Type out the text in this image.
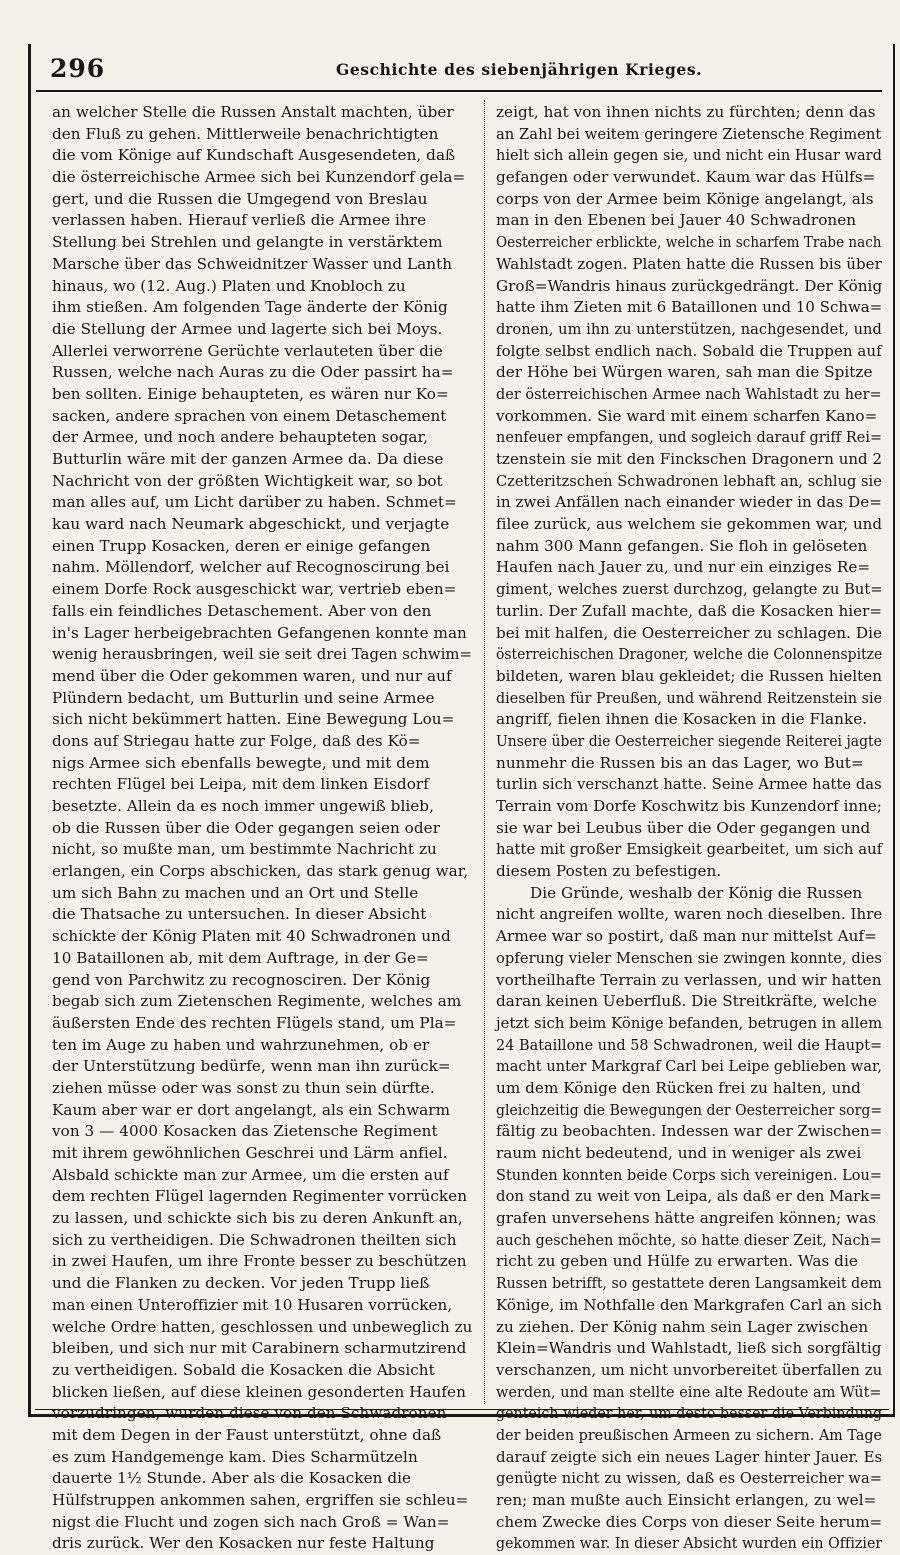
296	Geschichte des siebenjährigen Krieges.
an welcher Stelle die Russen Anstalt machten, über
den Fluß zu gehen. Mittlerweile benachrichtigten
die vom Könige auf Kundschaft Ausgesendeten, daß
die österreichische Armee sich bei Kunzendorf gela=
gert, und die Russen die Umgegend von Breslau
verlassen haben. Hierauf verließ die Armee ihre
Stellung bei Strehlen und gelangte in verstärktem
Marsche über das Schweidnitzer Wasser und Lanth
hinaus, wo (12. Aug.) Platen und Knobloch zu
ihm stießen. Am folgenden Tage änderte der König
die Stellung der Armee und lagerte sich bei Moys.
Allerlei verworrene Gerüchte verlauteten über die
Russen, welche nach Auras zu die Oder passirt ha=
ben sollten. Einige behaupteten, es wären nur Ko=
sacken, andere sprachen von einem Detaschement
der Armee, und noch andere behaupteten sogar,
Butturlin wäre mit der ganzen Armee da. Da diese
Nachricht von der größten Wichtigkeit war, so bot
man alles auf, um Licht darüber zu haben. Schmet=
kau ward nach Neumark abgeschickt, und verjagte
einen Trupp Kosacken, deren er einige gefangen
nahm. Möllendorf, welcher auf Recognoscirung bei
einem Dorfe Rock ausgeschickt war, vertrieb eben=
falls ein feindliches Detaschement. Aber von den
in's Lager herbeigebrachten Gefangenen konnte man
wenig herausbringen, weil sie seit drei Tagen schwim=
mend über die Oder gekommen waren, und nur auf
Plündern bedacht, um Butturlin und seine Armee
sich nicht bekümmert hatten. Eine Bewegung Lou=
dons auf Striegau hatte zur Folge, daß des Kö=
nigs Armee sich ebenfalls bewegte, und mit dem
rechten Flügel bei Leipa, mit dem linken Eisdorf
besetzte. Allein da es noch immer ungewiß blieb,
ob die Russen über die Oder gegangen seien oder
nicht, so mußte man, um bestimmte Nachricht zu
erlangen, ein Corps abschicken, das stark genug war,
um sich Bahn zu machen und an Ort und Stelle
die Thatsache zu untersuchen. In dieser Absicht
schickte der König Platen mit 40 Schwadronen und
10 Bataillonen ab, mit dem Auftrage, in der Ge=
gend von Parchwitz zu recognosciren. Der König
begab sich zum Zietenschen Regimente, welches am
äußersten Ende des rechten Flügels stand, um Pla=
ten im Auge zu haben und wahrzunehmen, ob er
der Unterstützung bedürfe, wenn man ihn zurück=
ziehen müsse oder was sonst zu thun sein dürfte.
Kaum aber war er dort angelangt, als ein Schwarm
von 3 — 4000 Kosacken das Zietensche Regiment
mit ihrem gewöhnlichen Geschrei und Lärm anfiel.
Alsbald schickte man zur Armee, um die ersten auf
dem rechten Flügel lagernden Regimenter vorrücken
zu lassen, und schickte sich bis zu deren Ankunft an,
sich zu vertheidigen. Die Schwadronen theilten sich
in zwei Haufen, um ihre Fronte besser zu beschützen
und die Flanken zu decken. Vor jeden Trupp ließ
man einen Unteroffizier mit 10 Husaren vorrücken,
welche Ordre hatten, geschlossen und unbeweglich zu
bleiben, und sich nur mit Carabinern scharmutzirend
zu vertheidigen. Sobald die Kosacken die Absicht
blicken ließen, auf diese kleinen gesonderten Haufen
vorzudringen, wurden diese von den Schwadronen
mit dem Degen in der Faust unterstützt, ohne daß
es zum Handgemenge kam. Dies Scharmützeln
dauerte 1½ Stunde. Aber als die Kosacken die
Hülfstruppen ankommen sahen, ergriffen sie schleu=
nigst die Flucht und zogen sich nach Groß = Wan=
dris zurück. Wer den Kosacken nur feste Haltung
zeigt, hat von ihnen nichts zu fürchten; denn das
an Zahl bei weitem geringere Zietensche Regiment
hielt sich allein gegen sie, und nicht ein Husar ward
gefangen oder verwundet. Kaum war das Hülfs=
corps von der Armee beim Könige angelangt, als
man in den Ebenen bei Jauer 40 Schwadronen
Oesterreicher erblickte, welche in scharfem Trabe nach
Wahlstadt zogen. Platen hatte die Russen bis über
Groß=Wandris hinaus zurückgedrängt. Der König
hatte ihm Zieten mit 6 Bataillonen und 10 Schwa=
dronen, um ihn zu unterstützen, nachgesendet, und
folgte selbst endlich nach. Sobald die Truppen auf
der Höhe bei Würgen waren, sah man die Spitze
der österreichischen Armee nach Wahlstadt zu her=
vorkommen. Sie ward mit einem scharfen Kano=
nenfeuer empfangen, und sogleich darauf griff Rei=
tzenstein sie mit den Finckschen Dragonern und 2
Czetteritzschen Schwadronen lebhaft an, schlug sie
in zwei Anfällen nach einander wieder in das De=
filee zurück, aus welchem sie gekommen war, und
nahm 300 Mann gefangen. Sie floh in gelöseten
Haufen nach Jauer zu, und nur ein einziges Re=
giment, welches zuerst durchzog, gelangte zu But=
turlin. Der Zufall machte, daß die Kosacken hier=
bei mit halfen, die Oesterreicher zu schlagen. Die
österreichischen Dragoner, welche die Colonnenspitze
bildeten, waren blau gekleidet; die Russen hielten
dieselben für Preußen, und während Reitzenstein sie
angriff, fielen ihnen die Kosacken in die Flanke.
Unsere über die Oesterreicher siegende Reiterei jagte
nunmehr die Russen bis an das Lager, wo But=
turlin sich verschanzt hatte. Seine Armee hatte das
Terrain vom Dorfe Koschwitz bis Kunzendorf inne;
sie war bei Leubus über die Oder gegangen und
hatte mit großer Emsigkeit gearbeitet, um sich auf
diesem Posten zu befestigen.
Die Gründe, weshalb der König die Russen
nicht angreifen wollte, waren noch dieselben. Ihre
Armee war so postirt, daß man nur mittelst Auf=
opferung vieler Menschen sie zwingen konnte, dies
vortheilhafte Terrain zu verlassen, und wir hatten
daran keinen Ueberfluß. Die Streitkräfte, welche
jetzt sich beim Könige befanden, betrugen in allem
24 Bataillone und 58 Schwadronen, weil die Haupt=
macht unter Markgraf Carl bei Leipe geblieben war,
um dem Könige den Rücken frei zu halten, und
gleichzeitig die Bewegungen der Oesterreicher sorg=
fältig zu beobachten. Indessen war der Zwischen=
raum nicht bedeutend, und in weniger als zwei
Stunden konnten beide Corps sich vereinigen. Lou=
don stand zu weit von Leipa, als daß er den Mark=
grafen unversehens hätte angreifen können; was
auch geschehen möchte, so hatte dieser Zeit, Nach=
richt zu geben und Hülfe zu erwarten. Was die
Russen betrifft, so gestattete deren Langsamkeit dem
Könige, im Nothfalle den Markgrafen Carl an sich
zu ziehen. Der König nahm sein Lager zwischen
Klein=Wandris und Wahlstadt, ließ sich sorgfältig
verschanzen, um nicht unvorbereitet überfallen zu
werden, und man stellte eine alte Redoute am Wüt=
genteich wieder her, um desto besser die Verbindung
der beiden preußischen Armeen zu sichern. Am Tage
darauf zeigte sich ein neues Lager hinter Jauer. Es
genügte nicht zu wissen, daß es Oesterreicher wa=
ren; man mußte auch Einsicht erlangen, zu wel=
chem Zwecke dies Corps von dieser Seite herum=
gekommen war. In dieser Absicht wurden ein Offizier
